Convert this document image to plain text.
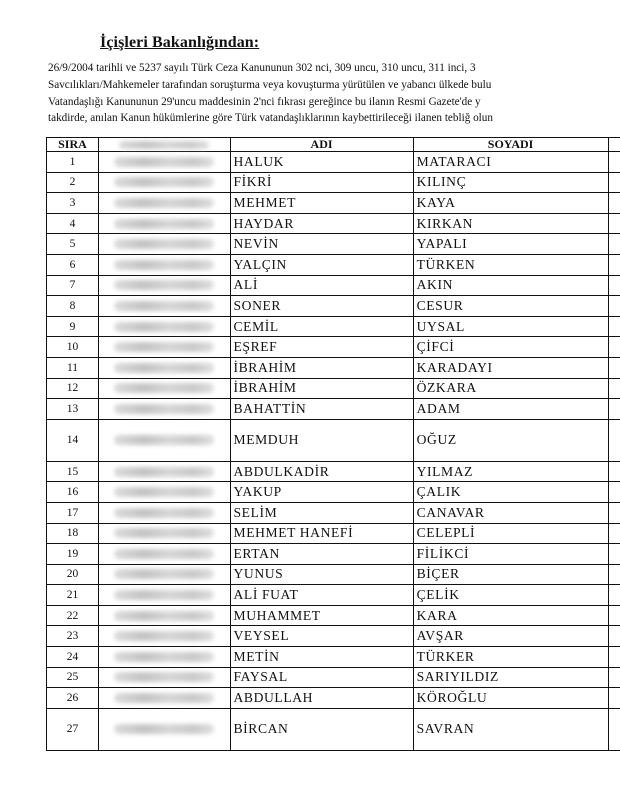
İçişleri Bakanlığından:
26/9/2004 tarihli ve 5237 sayılı Türk Ceza Kanununun 302 nci, 309 uncu, 310 uncu, 311 inci, 3
Savcılıkları/Mahkemeler tarafından soruşturma veya kovuşturma yürütülen ve yabancı ülkede bulu
Vatandaşlığı Kanununun 29'uncu maddesinin 2'nci fıkrası gereğince bu ilanın Resmi Gazete'de y
takdirde, anılan Kanun hükümlerine göre Türk vatandaşlıklarının kaybettirileceği ilanen tebliğ olun
SIRA		ADI	SOYADI	
1		HALUK	MATARACI	
2		FİKRİ	KILINÇ	
3		MEHMET	KAYA	
4		HAYDAR	KIRKAN	
5		NEVİN	YAPALI	
6		YALÇIN	TÜRKEN	
7		ALİ	AKIN	
8		SONER	CESUR	
9		CEMİL	UYSAL	
10		EŞREF	ÇİFCİ	
11		İBRAHİM	KARADAYI	
12		İBRAHİM	ÖZKARA	
13		BAHATTİN	ADAM	
14		MEMDUH	OĞUZ	
15		ABDULKADİR	YILMAZ	
16		YAKUP	ÇALIK	
17		SELİM	CANAVAR	
18		MEHMET HANEFİ	CELEPLİ	
19		ERTAN	FİLİKCİ	
20		YUNUS	BİÇER	
21		ALİ FUAT	ÇELİK	
22		MUHAMMET	KARA	
23		VEYSEL	AVŞAR	
24		METİN	TÜRKER	
25		FAYSAL	SARIYILDIZ	
26		ABDULLAH	KÖROĞLU	
27		BİRCAN	SAVRAN	
